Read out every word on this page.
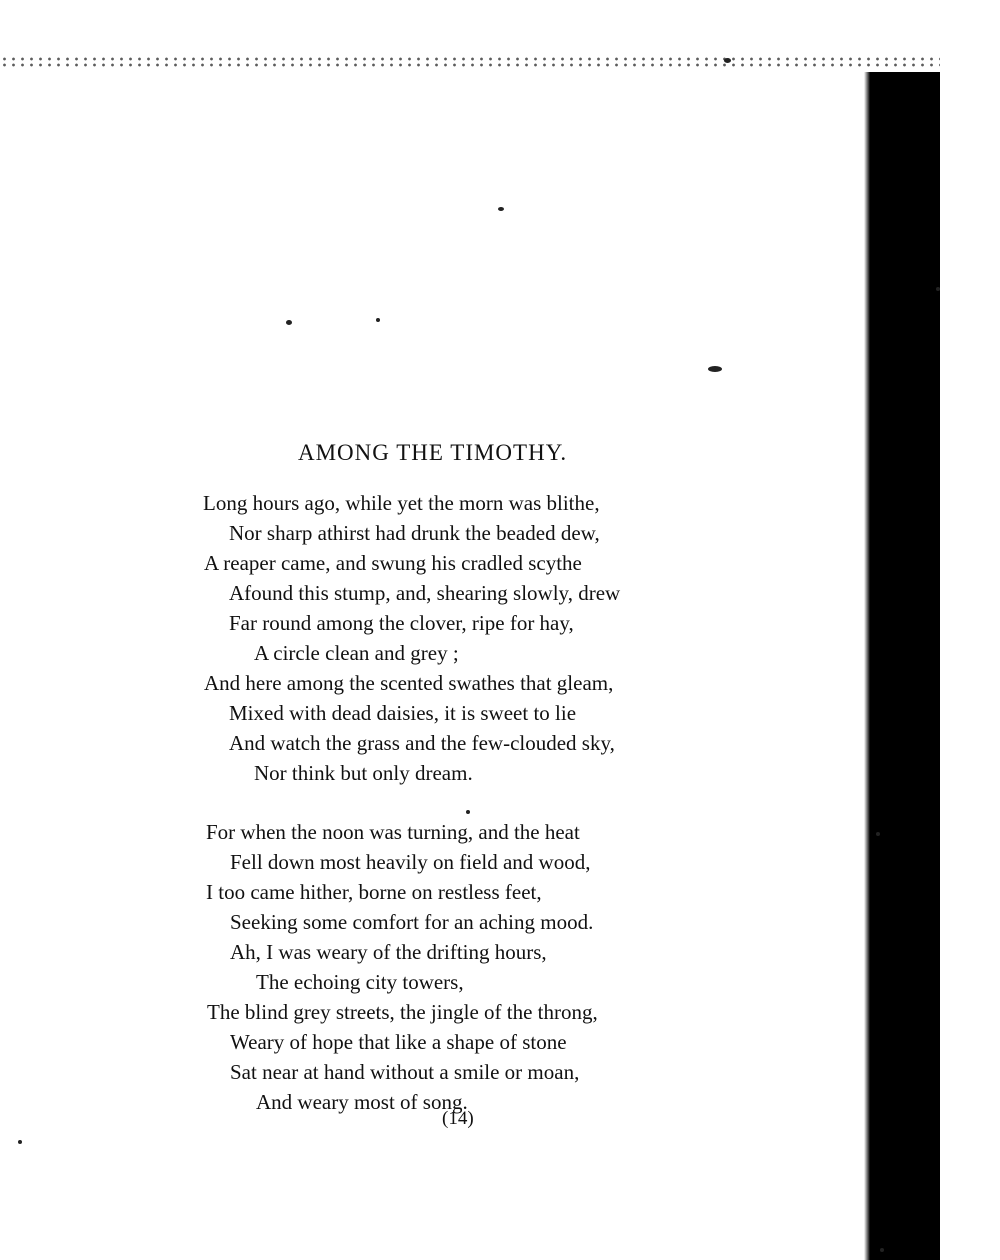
AMONG THE TIMOTHY.
Long hours ago, while yet the morn was blithe,
Nor sharp athirst had drunk the beaded dew,
A reaper came, and swung his cradled scythe
Afound this stump, and, shearing slowly, drew
Far round among the clover, ripe for hay,
A circle clean and grey ;
And here among the scented swathes that gleam,
Mixed with dead daisies, it is sweet to lie
And watch the grass and the few-clouded sky,
Nor think but only dream.
For when the noon was turning, and the heat
Fell down most heavily on field and wood,
I too came hither, borne on restless feet,
Seeking some comfort for an aching mood.
Ah, I was weary of the drifting hours,
The echoing city towers,
The blind grey streets, the jingle of the throng,
Weary of hope that like a shape of stone
Sat near at hand without a smile or moan,
And weary most of song.

(14)
